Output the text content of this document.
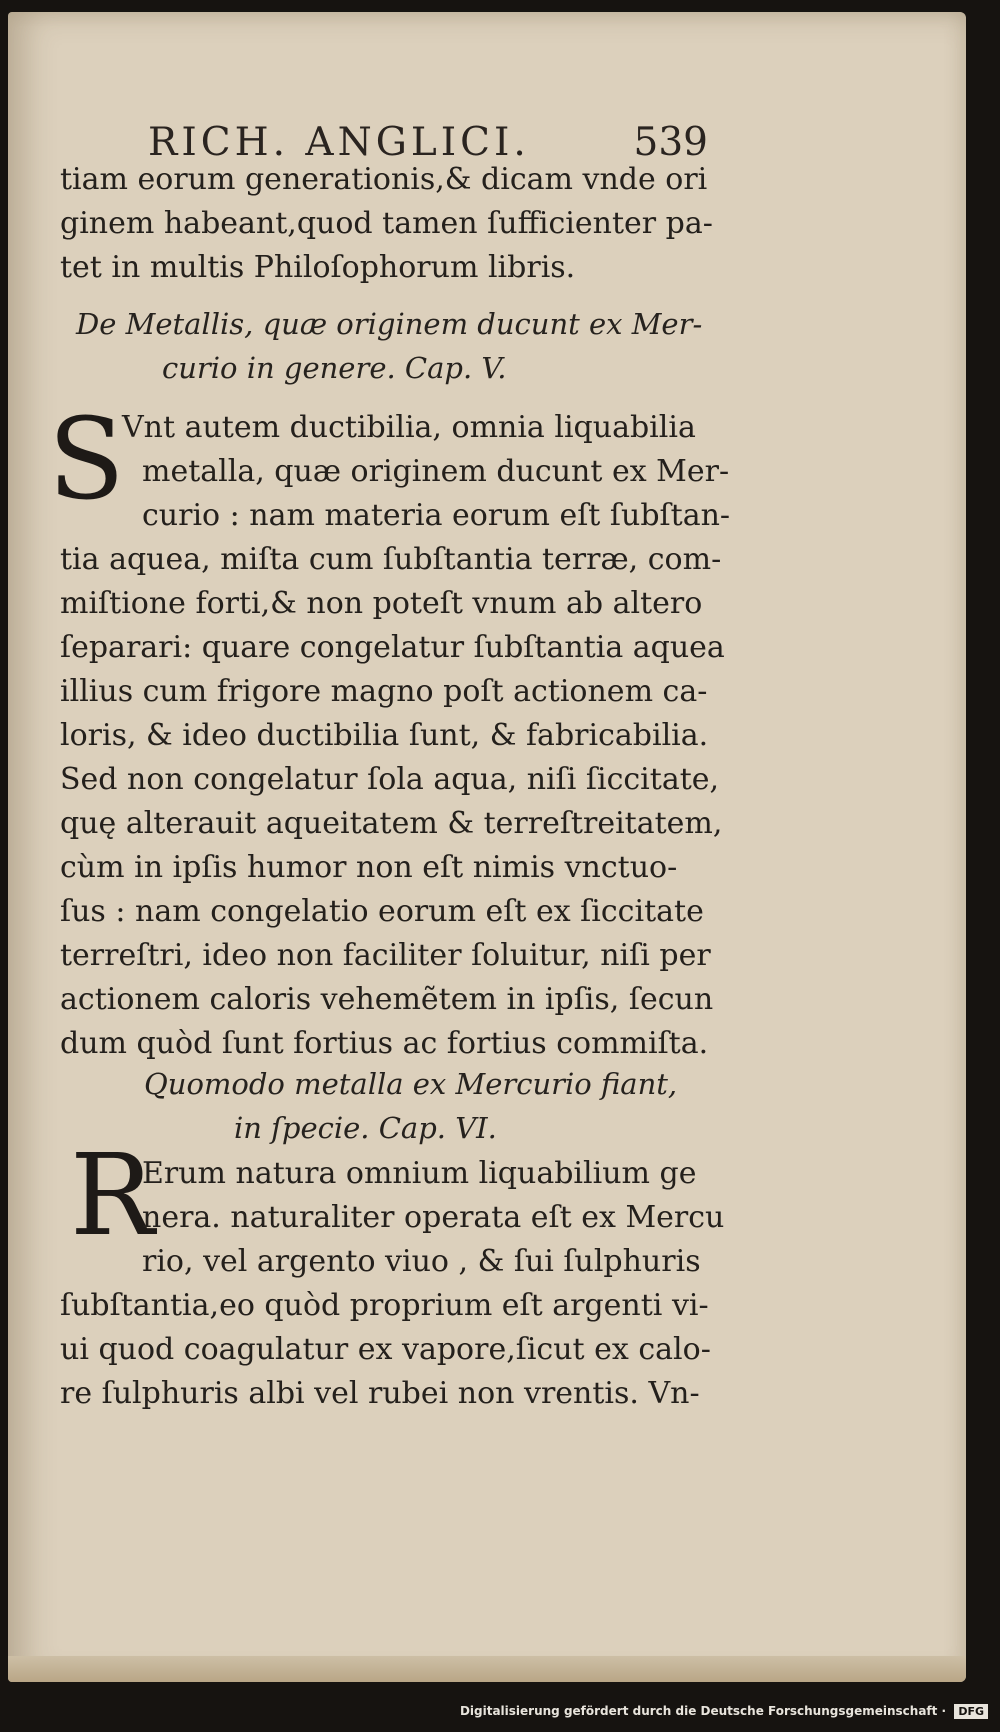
RICH. ANGLICI.	539
tiam eorum generationis,& dicam vnde ori
ginem habeant,quod tamen ſufficienter pa-
tet in multis Philoſophorum libris.
De Metallis, quæ originem ducunt ex Mer-
curio in genere. Cap. V.
S
Vnt autem ductibilia, omnia liquabilia
metalla, quæ originem ducunt ex Mer-
curio : nam materia eorum eſt ſubſtan-
tia aquea, miſta cum ſubſtantia terræ, com-
miſtione forti,& non poteſt vnum ab altero
ſeparari: quare congelatur ſubſtantia aquea
illius cum frigore magno poſt actionem ca-
loris, & ideo ductibilia ſunt, & fabricabilia.
Sed non congelatur ſola aqua, niſi ſiccitate,
quę alterauit aqueitatem & terreſtreitatem,
cùm in ipſis humor non eſt nimis vnctuo-
ſus : nam congelatio eorum eſt ex ſiccitate
terreſtri, ideo non faciliter ſoluitur, niſi per
actionem caloris vehemẽtem in ipſis, ſecun
dum quòd ſunt fortius ac fortius commiſta.
Quomodo metalla ex Mercurio fiant,
in ſpecie. Cap. VI.
R
Erum natura omnium liquabilium ge
nera. naturaliter operata eſt ex Mercu
rio, vel argento viuo , & ſui ſulphuris
ſubſtantia,eo quòd proprium eſt argenti vi-
ui quod coagulatur ex vapore,ſicut ex calo-
re ſulphuris albi vel rubei non vrentis. Vn-
Digitalisierung gefördert durch die Deutsche Forschungsgemeinschaft · DFG
